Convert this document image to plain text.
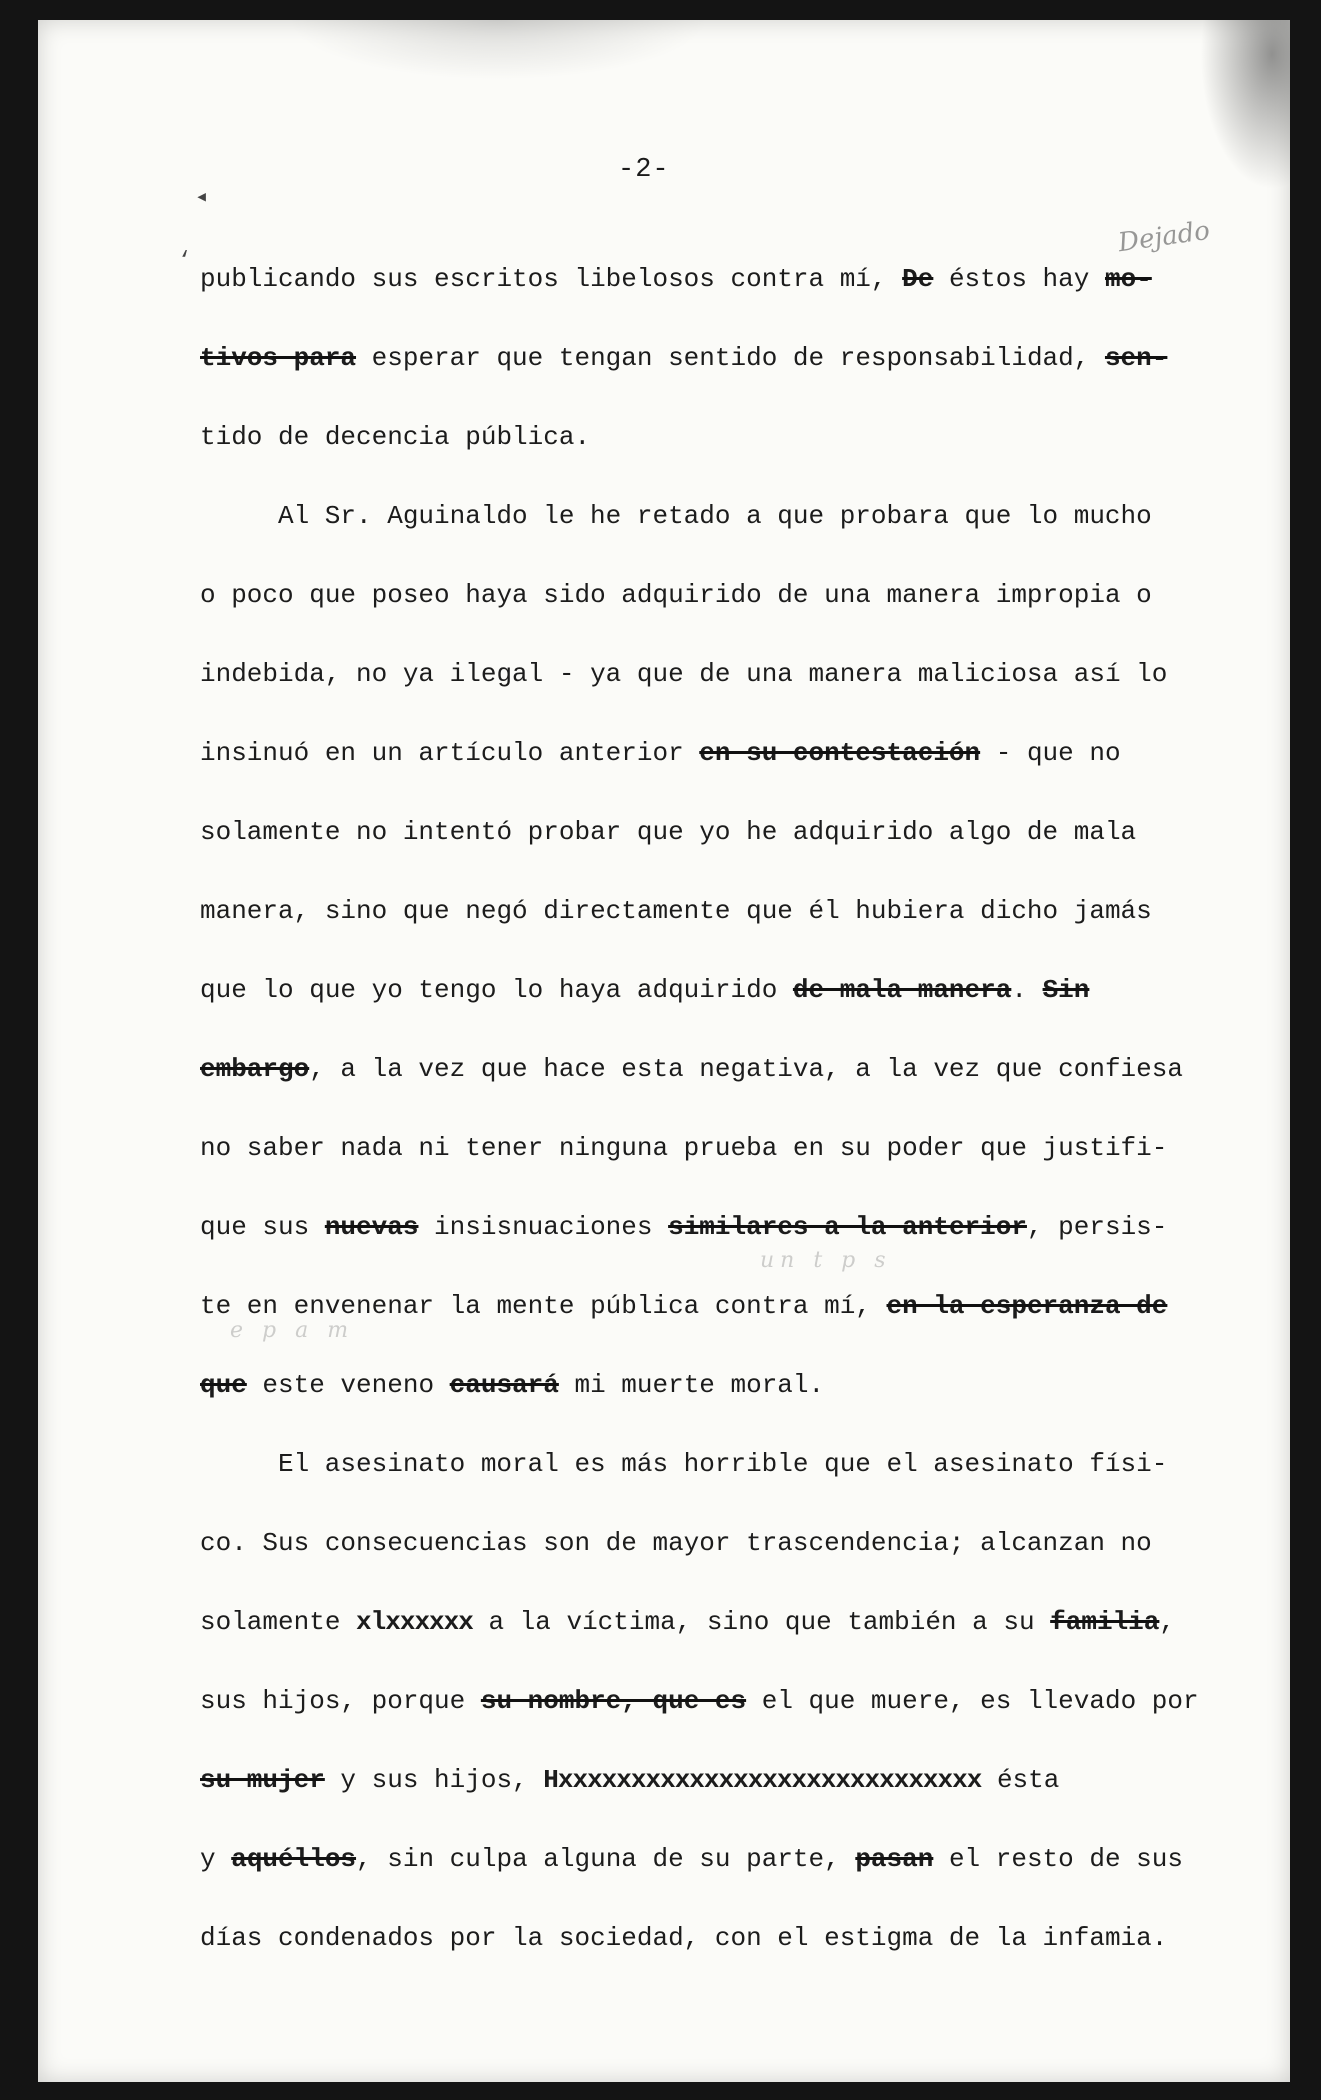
-2-
◂
‘
Dejado
un t p s
e p a m
publicando sus escritos libelosos contra mí, De éstos hay mo-
tivos para esperar que tengan sentido de responsabilidad, sen-
tido de decencia pública.
Al Sr. Aguinaldo le he retado a que probara que lo mucho
o poco que poseo haya sido adquirido de una manera impropia o
indebida, no ya ilegal - ya que de una manera maliciosa así lo
insinuó en un artículo anterior en su contestación - que no
solamente no intentó probar que yo he adquirido algo de mala
manera, sino que negó directamente que él hubiera dicho jamás
que lo que yo tengo lo haya adquirido de mala manera. Sin
embargo, a la vez que hace esta negativa, a la vez que confiesa
no saber nada ni tener ninguna prueba en su poder que justifi-
que sus nuevas insisnuaciones similares a la anterior, persis-
te en envenenar la mente pública contra mí, en la esperanza de
que este veneno causará mi muerte moral.
El asesinato moral es más horrible que el asesinato físi-
co. Sus consecuencias son de mayor trascendencia; alcanzan no
solamente xlxxxxxx a la víctima, sino que también a su familia,
sus hijos, porque su nombre, que es el que muere, es llevado por
su mujer y sus hijos, Hxxxxxxxxxxxxxxxxxxxxxxxxxxxxx ésta
y aquéllos, sin culpa alguna de su parte, pasan el resto de sus
días condenados por la sociedad, con el estigma de la infamia.
